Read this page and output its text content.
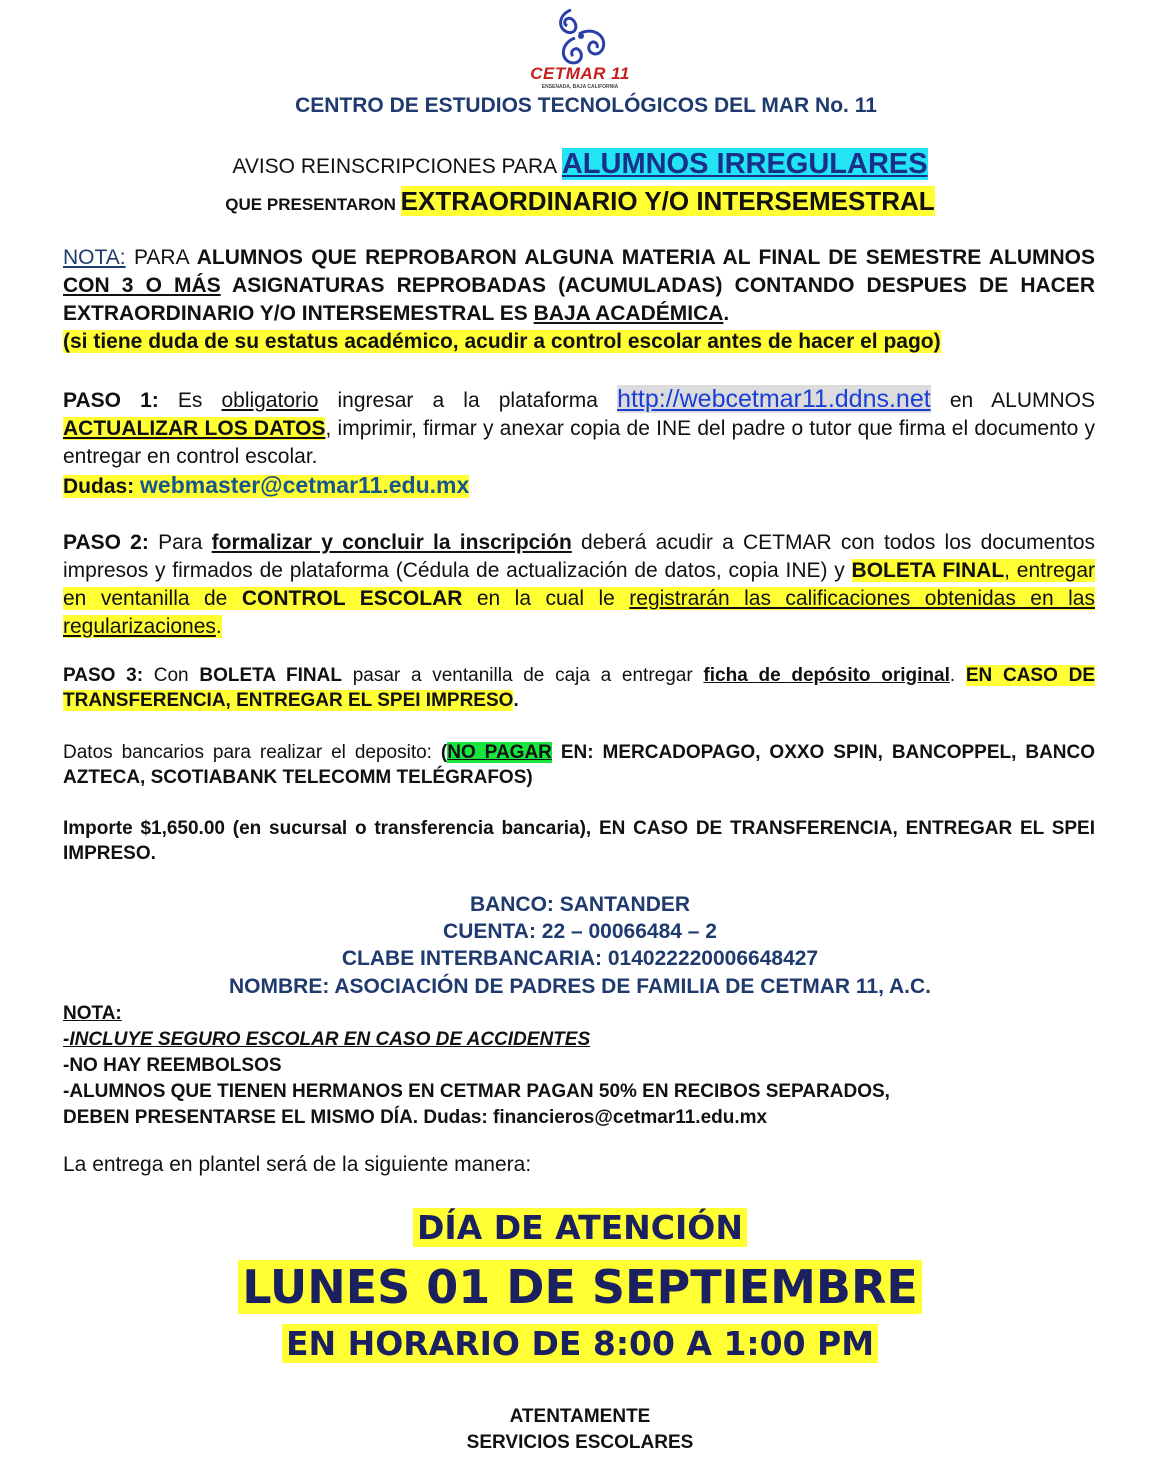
CETMAR 11
ENSENADA, BAJA CALIFORNIA
CENTRO DE ESTUDIOS TECNOLÓGICOS DEL MAR No. 11
AVISO REINSCRIPCIONES PARA ALUMNOS IRREGULARES
QUE PRESENTARON EXTRAORDINARIO Y/O INTERSEMESTRAL
NOTA: PARA ALUMNOS QUE REPROBARON ALGUNA MATERIA AL FINAL DE SEMESTRE ALUMNOS CON 3 O MÁS ASIGNATURAS REPROBADAS (ACUMULADAS) CONTANDO DESPUES DE HACER EXTRAORDINARIO Y/O INTERSEMESTRAL ES BAJA ACADÉMICA.
(si tiene duda de su estatus académico, acudir a control escolar antes de hacer el pago)
PASO 1: Es obligatorio ingresar a la plataforma http://webcetmar11.ddns.net en ALUMNOS ACTUALIZAR LOS DATOS, imprimir, firmar y anexar copia de INE del padre o tutor que firma el documento y entregar en control escolar.
Dudas: webmaster@cetmar11.edu.mx
PASO 2: Para formalizar y concluir la inscripción deberá acudir a CETMAR con todos los documentos impresos y firmados de plataforma (Cédula de actualización de datos, copia INE) y BOLETA FINAL, entregar en ventanilla de CONTROL ESCOLAR en la cual le registrarán las calificaciones obtenidas en las regularizaciones.
PASO 3: Con BOLETA FINAL pasar a ventanilla de caja a entregar ficha de depósito original. EN CASO DE TRANSFERENCIA, ENTREGAR EL SPEI IMPRESO.
Datos bancarios para realizar el deposito: (NO PAGAR EN: MERCADOPAGO, OXXO SPIN, BANCOPPEL, BANCO AZTECA, SCOTIABANK TELECOMM TELÉGRAFOS)
Importe $1,650.00 (en sucursal o transferencia bancaria), EN CASO DE TRANSFERENCIA, ENTREGAR EL SPEI IMPRESO.
BANCO: SANTANDER
CUENTA: 22 – 00066484 – 2
CLABE INTERBANCARIA: 014022220006648427
NOMBRE: ASOCIACIÓN DE PADRES DE FAMILIA DE CETMAR 11, A.C.
NOTA:
-INCLUYE SEGURO ESCOLAR EN CASO DE ACCIDENTES
-NO HAY REEMBOLSOS
-ALUMNOS QUE TIENEN HERMANOS EN CETMAR PAGAN 50% EN RECIBOS SEPARADOS,
DEBEN PRESENTARSE EL MISMO DÍA. Dudas: financieros@cetmar11.edu.mx
La entrega en plantel será de la siguiente manera:
DÍA DE ATENCIÓN
LUNES 01 DE SEPTIEMBRE
EN HORARIO DE 8:00 A 1:00 PM
ATENTAMENTE
SERVICIOS ESCOLARES
